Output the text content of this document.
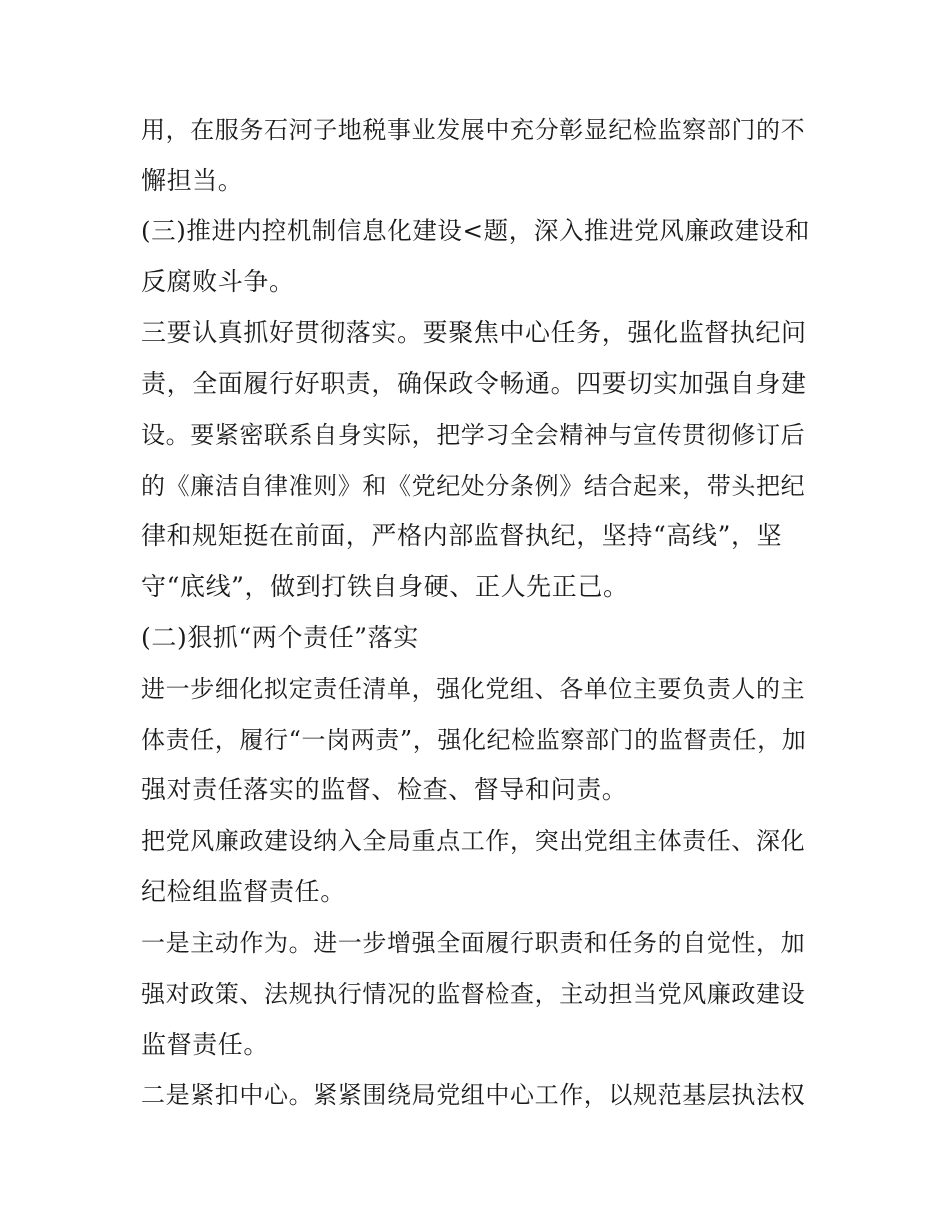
用，在服务石河子地税事业发展中充分彰显纪检监察部门的不
懈担当。
(三)推进内控机制信息化建设<题，深入推进党风廉政建设和
反腐败斗争。
三要认真抓好贯彻落实。要聚焦中心任务，强化监督执纪问
责，全面履行好职责，确保政令畅通。四要切实加强自身建
设。要紧密联系自身实际，把学习全会精神与宣传贯彻修订后
的《廉洁自律准则》和《党纪处分条例》结合起来，带头把纪
律和规矩挺在前面，严格内部监督执纪，坚持“高线”，坚
守“底线”，做到打铁自身硬、正人先正己。
(二)狠抓“两个责任”落实
进一步细化拟定责任清单，强化党组、各单位主要负责人的主
体责任，履行“一岗两责”，强化纪检监察部门的监督责任，加
强对责任落实的监督、检查、督导和问责。
把党风廉政建设纳入全局重点工作，突出党组主体责任、深化
纪检组监督责任。
一是主动作为。进一步增强全面履行职责和任务的自觉性，加
强对政策、法规执行情况的监督检查，主动担当党风廉政建设
监督责任。
二是紧扣中心。紧紧围绕局党组中心工作，以规范基层执法权
